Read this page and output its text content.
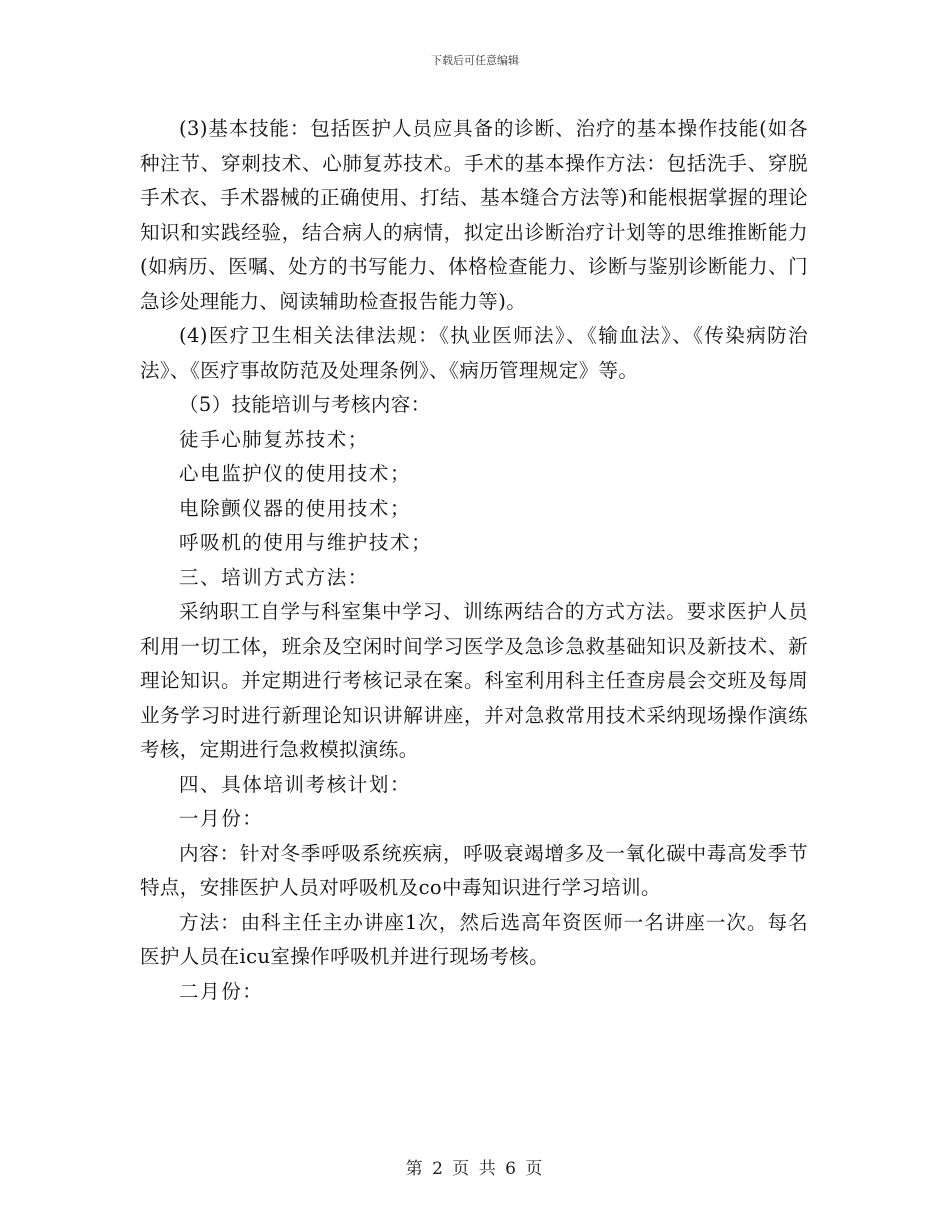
下载后可任意编辑

(3)基本技能：包括医护人员应具备的诊断、治疗的基本操作技能(如各种注节、穿刺技术、心肺复苏技术。手术的基本操作方法：包括洗手、穿脱手术衣、手术器械的正确使用、打结、基本缝合方法等)和能根据掌握的理论知识和实践经验，结合病人的病情，拟定出诊断治疗计划等的思维推断能力(如病历、医嘱、处方的书写能力、体格检查能力、诊断与鉴别诊断能力、门急诊处理能力、阅读辅助检查报告能力等)。

(4)医疗卫生相关法律法规：《执业医师法》、《输血法》、《传染病防治法》、《医疗事故防范及处理条例》、《病历管理规定》等。

（5）技能培训与考核内容：

徒手心肺复苏技术；

心电监护仪的使用技术；

电除颤仪器的使用技术；

呼吸机的使用与维护技术；

三、培训方式方法：

采纳职工自学与科室集中学习、训练两结合的方式方法。要求医护人员利用一切工体，班余及空闲时间学习医学及急诊急救基础知识及新技术、新理论知识。并定期进行考核记录在案。科室利用科主任查房晨会交班及每周业务学习时进行新理论知识讲解讲座，并对急救常用技术采纳现场操作演练考核，定期进行急救模拟演练。

四、具体培训考核计划：

一月份：

内容：针对冬季呼吸系统疾病，呼吸衰竭增多及一氧化碳中毒高发季节特点，安排医护人员对呼吸机及co中毒知识进行学习培训。

方法：由科主任主办讲座1次，然后选高年资医师一名讲座一次。每名医护人员在icu室操作呼吸机并进行现场考核。

二月份：

第 2 页 共 6 页
